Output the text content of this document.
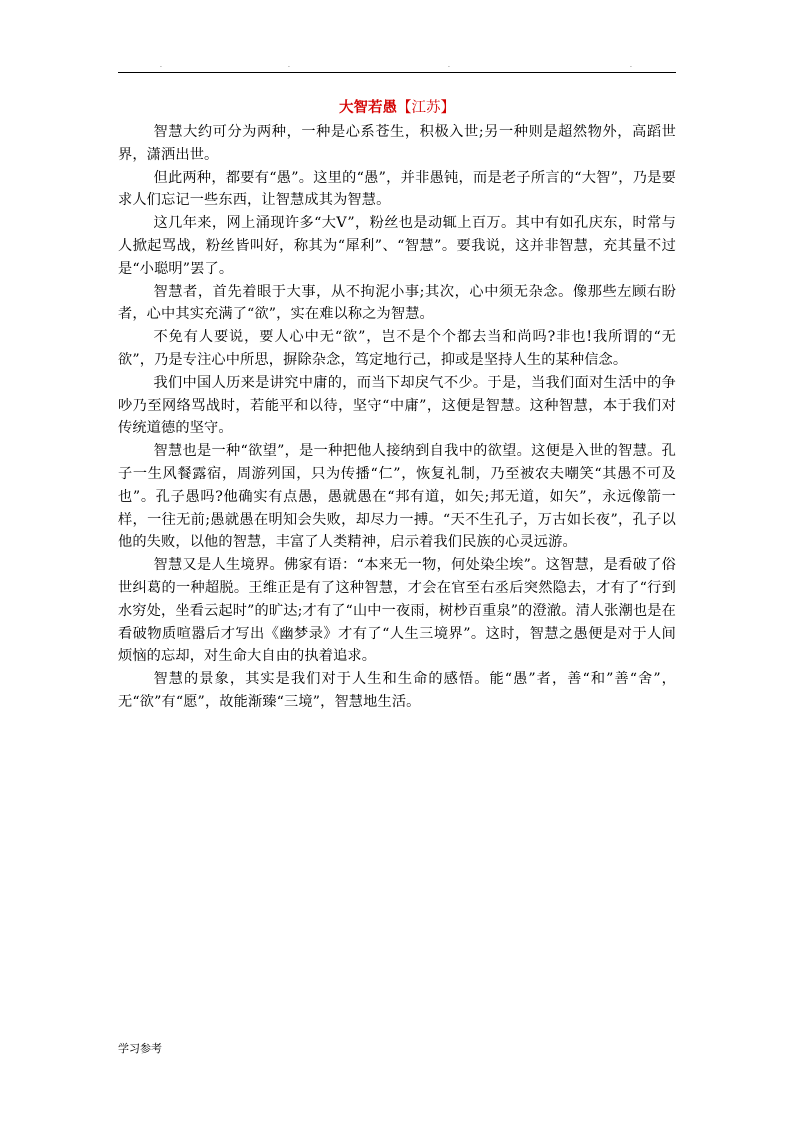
.	.	.	.
大智若愚【江苏】

智慧大约可分为两种，一种是心系苍生，积极入世;另一种则是超然物外，高蹈世界，潇洒出世。

但此两种，都要有“愚”。这里的“愚”，并非愚钝，而是老子所言的“大智”，乃是要求人们忘记一些东西，让智慧成其为智慧。

这几年来，网上涌现许多“大V”，粉丝也是动辄上百万。其中有如孔庆东，时常与人掀起骂战，粉丝皆叫好，称其为“犀利”、“智慧”。要我说，这并非智慧，充其量不过是“小聪明”罢了。

智慧者，首先着眼于大事，从不拘泥小事;其次，心中须无杂念。像那些左顾右盼者，心中其实充满了“欲”，实在难以称之为智慧。

不免有人要说，要人心中无“欲”，岂不是个个都去当和尚吗?非也!我所谓的“无欲”，乃是专注心中所思，摒除杂念，笃定地行己，抑或是坚持人生的某种信念。

我们中国人历来是讲究中庸的，而当下却戾气不少。于是，当我们面对生活中的争吵乃至网络骂战时，若能平和以待，坚守“中庸”，这便是智慧。这种智慧，本于我们对传统道德的坚守。

智慧也是一种“欲望”，是一种把他人接纳到自我中的欲望。这便是入世的智慧。孔子一生风餐露宿，周游列国，只为传播“仁”，恢复礼制，乃至被农夫嘲笑“其愚不可及也”。孔子愚吗?他确实有点愚，愚就愚在“邦有道，如矢;邦无道，如矢”，永远像箭一样，一往无前;愚就愚在明知会失败，却尽力一搏。“天不生孔子，万古如长夜”，孔子以他的失败，以他的智慧，丰富了人类精神，启示着我们民族的心灵远游。

智慧又是人生境界。佛家有语：“本来无一物，何处染尘埃”。这智慧，是看破了俗世纠葛的一种超脱。王维正是有了这种智慧，才会在官至右丞后突然隐去，才有了“行到水穷处，坐看云起时”的旷达;才有了“山中一夜雨，树杪百重泉”的澄澈。清人张潮也是在看破物质喧嚣后才写出《幽梦录》才有了“人生三境界”。这时，智慧之愚便是对于人间烦恼的忘却，对生命大自由的执着追求。

智慧的景象，其实是我们对于人生和生命的感悟。能“愚”者，善“和”善“舍”，无“欲”有“愿”，故能渐臻“三境”，智慧地生活。

学习参考
